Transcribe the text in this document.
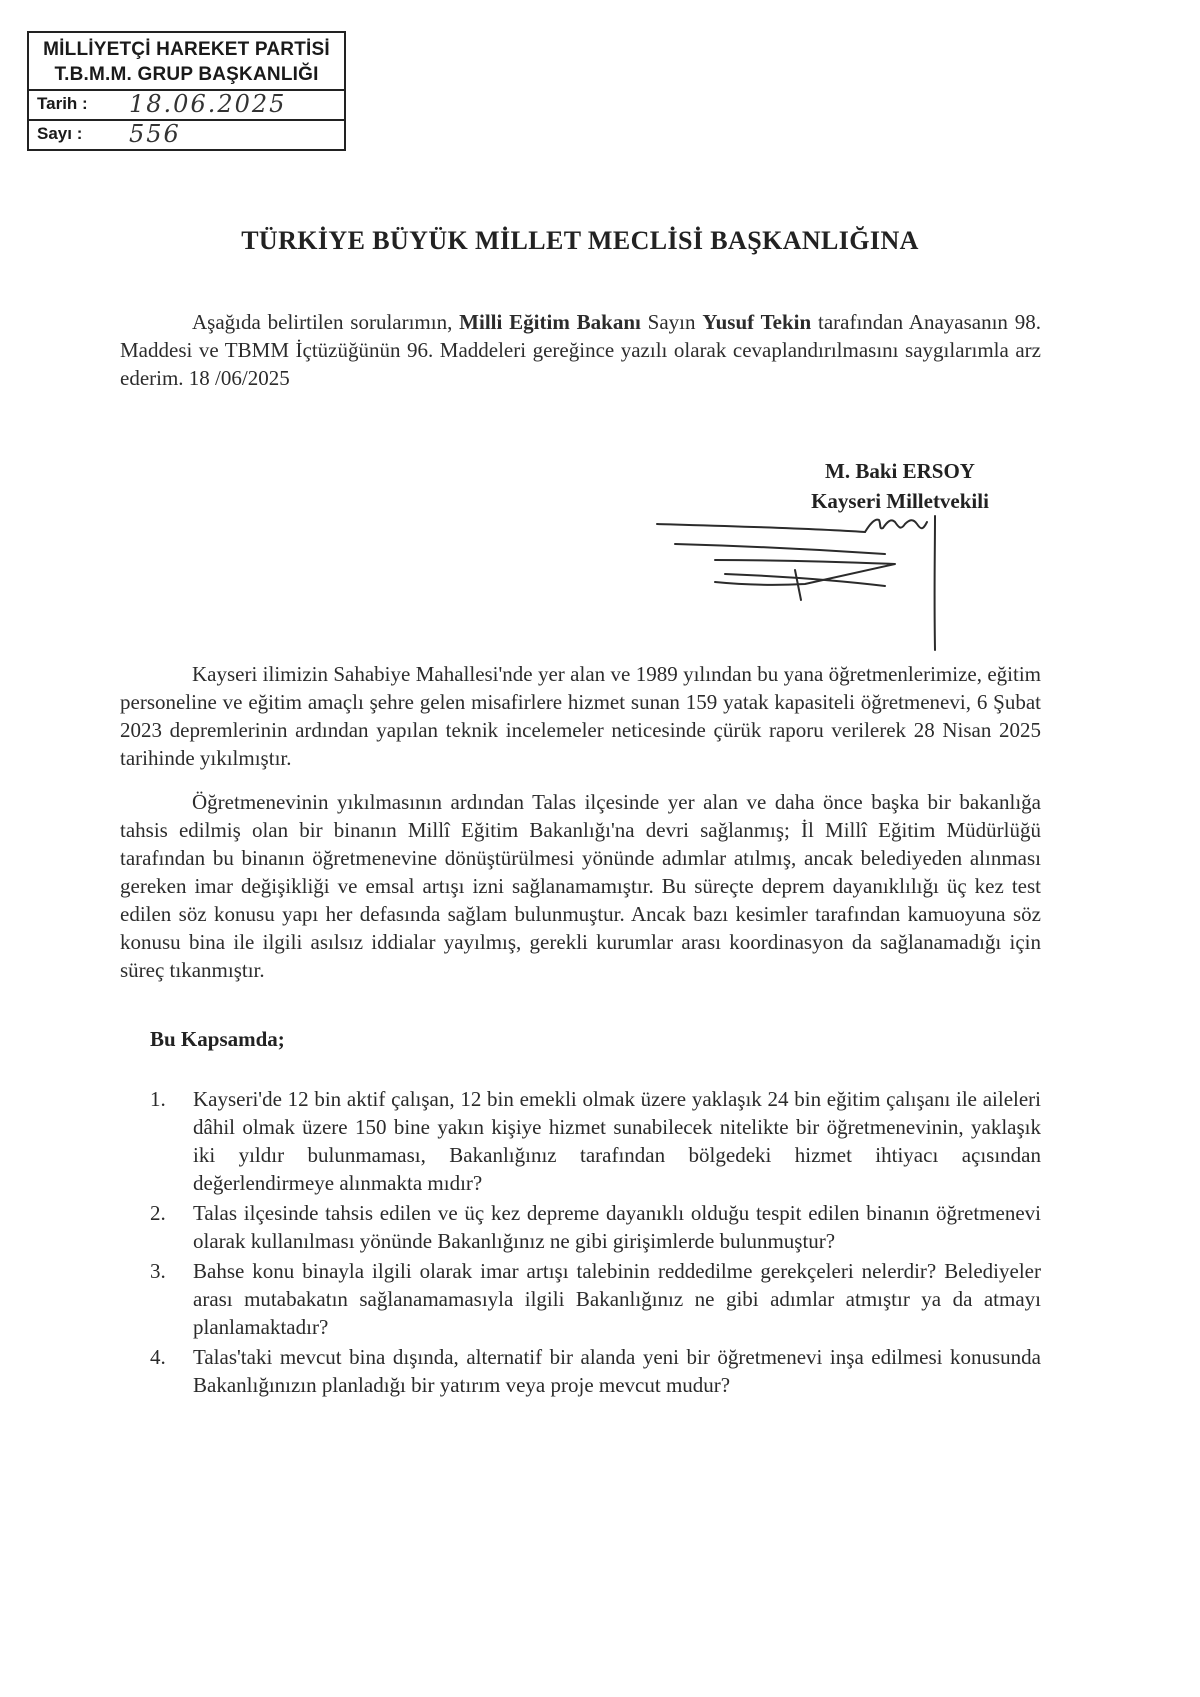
MİLLİYETÇİ HAREKET PARTİSİ
T.B.M.M. GRUP BAŞKANLIĞI
Tarih : 18.06.2025
Sayı : 556
TÜRKİYE BÜYÜK MİLLET MECLİSİ BAŞKANLIĞINA
Aşağıda belirtilen sorularımın, Milli Eğitim Bakanı Sayın Yusuf Tekin tarafından Anayasanın 98. Maddesi ve TBMM İçtüzüğünün 96. Maddeleri gereğince yazılı olarak cevaplandırılmasını saygılarımla arz ederim. 18 /06/2025
M. Baki ERSOY
Kayseri Milletvekili
Kayseri ilimizin Sahabiye Mahallesi'nde yer alan ve 1989 yılından bu yana öğretmenlerimize, eğitim personeline ve eğitim amaçlı şehre gelen misafirlere hizmet sunan 159 yatak kapasiteli öğretmenevi, 6 Şubat 2023 depremlerinin ardından yapılan teknik incelemeler neticesinde çürük raporu verilerek 28 Nisan 2025 tarihinde yıkılmıştır.
Öğretmenevinin yıkılmasının ardından Talas ilçesinde yer alan ve daha önce başka bir bakanlığa tahsis edilmiş olan bir binanın Millî Eğitim Bakanlığı'na devri sağlanmış; İl Millî Eğitim Müdürlüğü tarafından bu binanın öğretmenevine dönüştürülmesi yönünde adımlar atılmış, ancak belediyeden alınması gereken imar değişikliği ve emsal artışı izni sağlanamamıştır. Bu süreçte deprem dayanıklılığı üç kez test edilen söz konusu yapı her defasında sağlam bulunmuştur. Ancak bazı kesimler tarafından kamuoyuna söz konusu bina ile ilgili asılsız iddialar yayılmış, gerekli kurumlar arası koordinasyon da sağlanamadığı için süreç tıkanmıştır.
Bu Kapsamda;
1. Kayseri'de 12 bin aktif çalışan, 12 bin emekli olmak üzere yaklaşık 24 bin eğitim çalışanı ile aileleri dâhil olmak üzere 150 bine yakın kişiye hizmet sunabilecek nitelikte bir öğretmenevinin, yaklaşık iki yıldır bulunmaması, Bakanlığınız tarafından bölgedeki hizmet ihtiyacı açısından değerlendirmeye alınmakta mıdır?
2. Talas ilçesinde tahsis edilen ve üç kez depreme dayanıklı olduğu tespit edilen binanın öğretmenevi olarak kullanılması yönünde Bakanlığınız ne gibi girişimlerde bulunmuştur?
3. Bahse konu binayla ilgili olarak imar artışı talebinin reddedilme gerekçeleri nelerdir? Belediyeler arası mutabakatın sağlanamamasıyla ilgili Bakanlığınız ne gibi adımlar atmıştır ya da atmayı planlamaktadır?
4. Talas'taki mevcut bina dışında, alternatif bir alanda yeni bir öğretmenevi inşa edilmesi konusunda Bakanlığınızın planladığı bir yatırım veya proje mevcut mudur?
